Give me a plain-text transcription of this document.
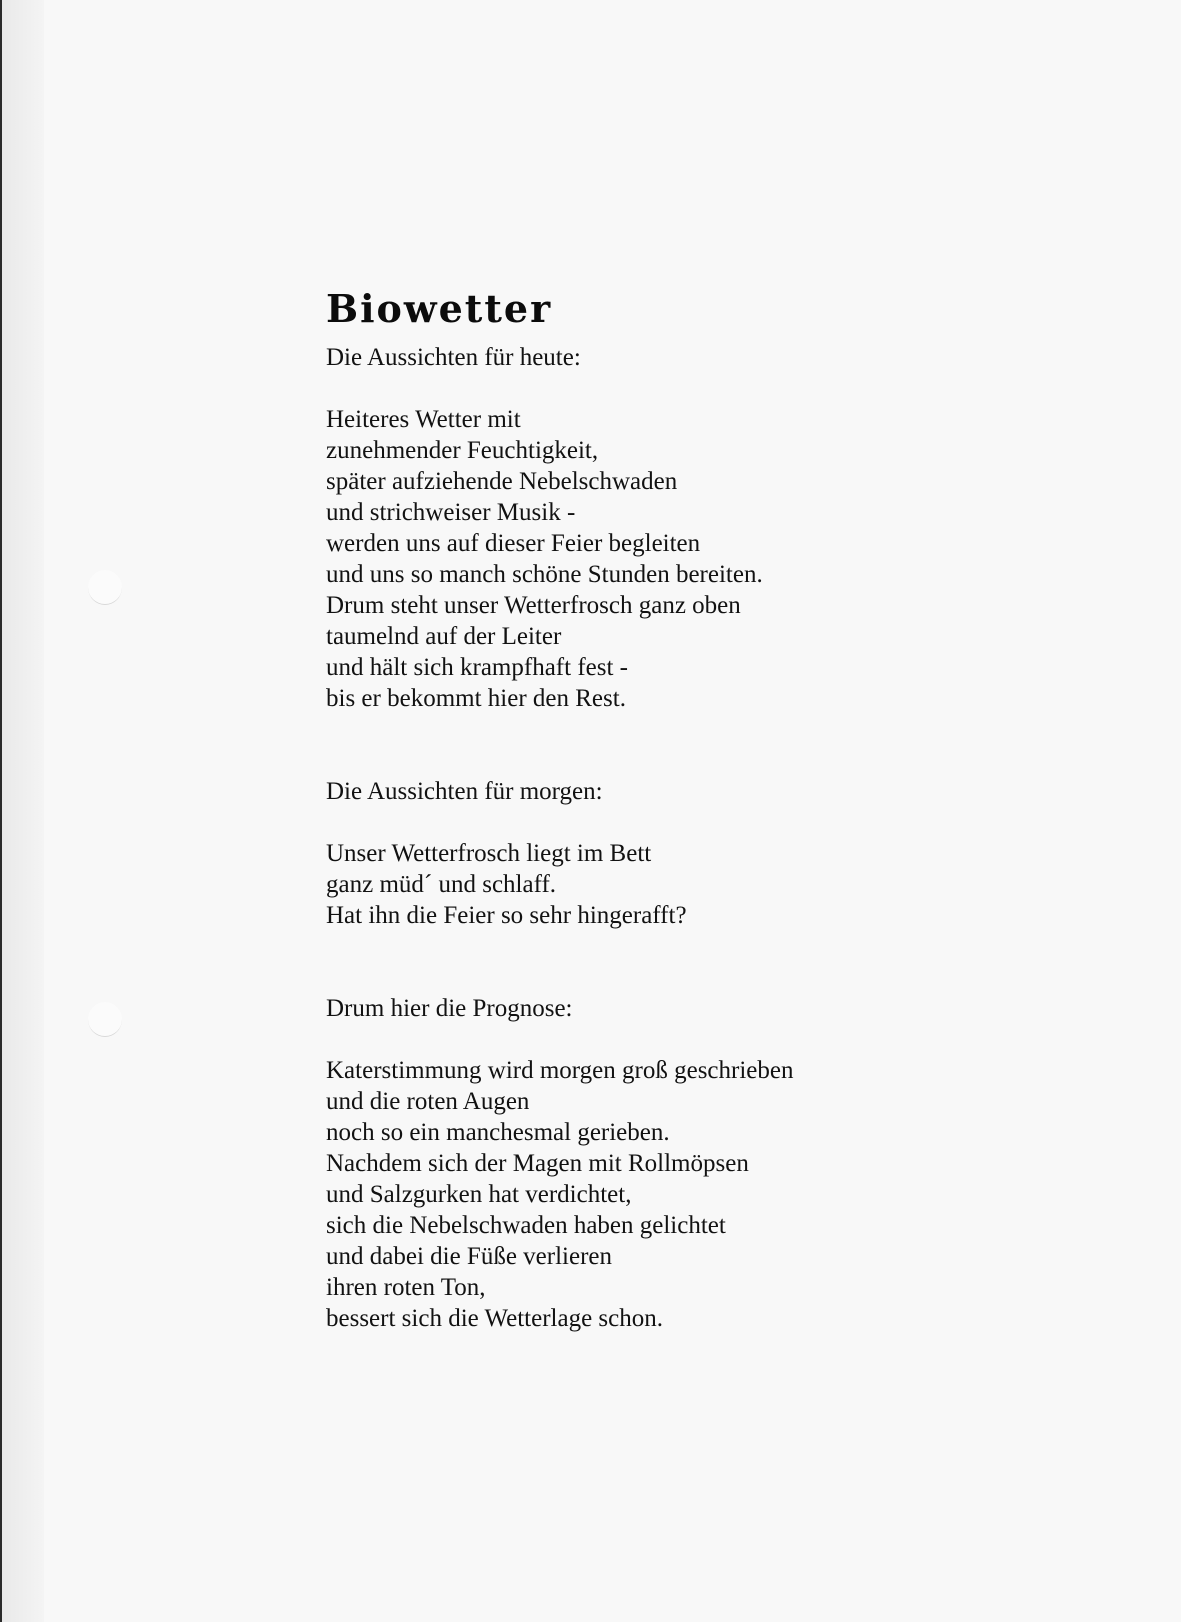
Biowetter
Die Aussichten für heute:
Heiteres Wetter mit
zunehmender Feuchtigkeit,
später aufziehende Nebelschwaden
und strichweiser Musik -
werden uns auf dieser Feier begleiten
und uns so manch schöne Stunden bereiten.
Drum steht unser Wetterfrosch ganz oben
taumelnd auf der Leiter
und hält sich krampfhaft fest -
bis er bekommt hier den Rest.
Die Aussichten für morgen:
Unser Wetterfrosch liegt im Bett
ganz müd´ und schlaff.
Hat ihn die Feier so sehr hingerafft?
Drum hier die Prognose:
Katerstimmung wird morgen groß geschrieben
und die roten Augen
noch so ein manchesmal gerieben.
Nachdem sich der Magen mit Rollmöpsen
und Salzgurken hat verdichtet,
sich die Nebelschwaden haben gelichtet
und dabei die Füße verlieren
ihren roten Ton,
bessert sich die Wetterlage schon.
